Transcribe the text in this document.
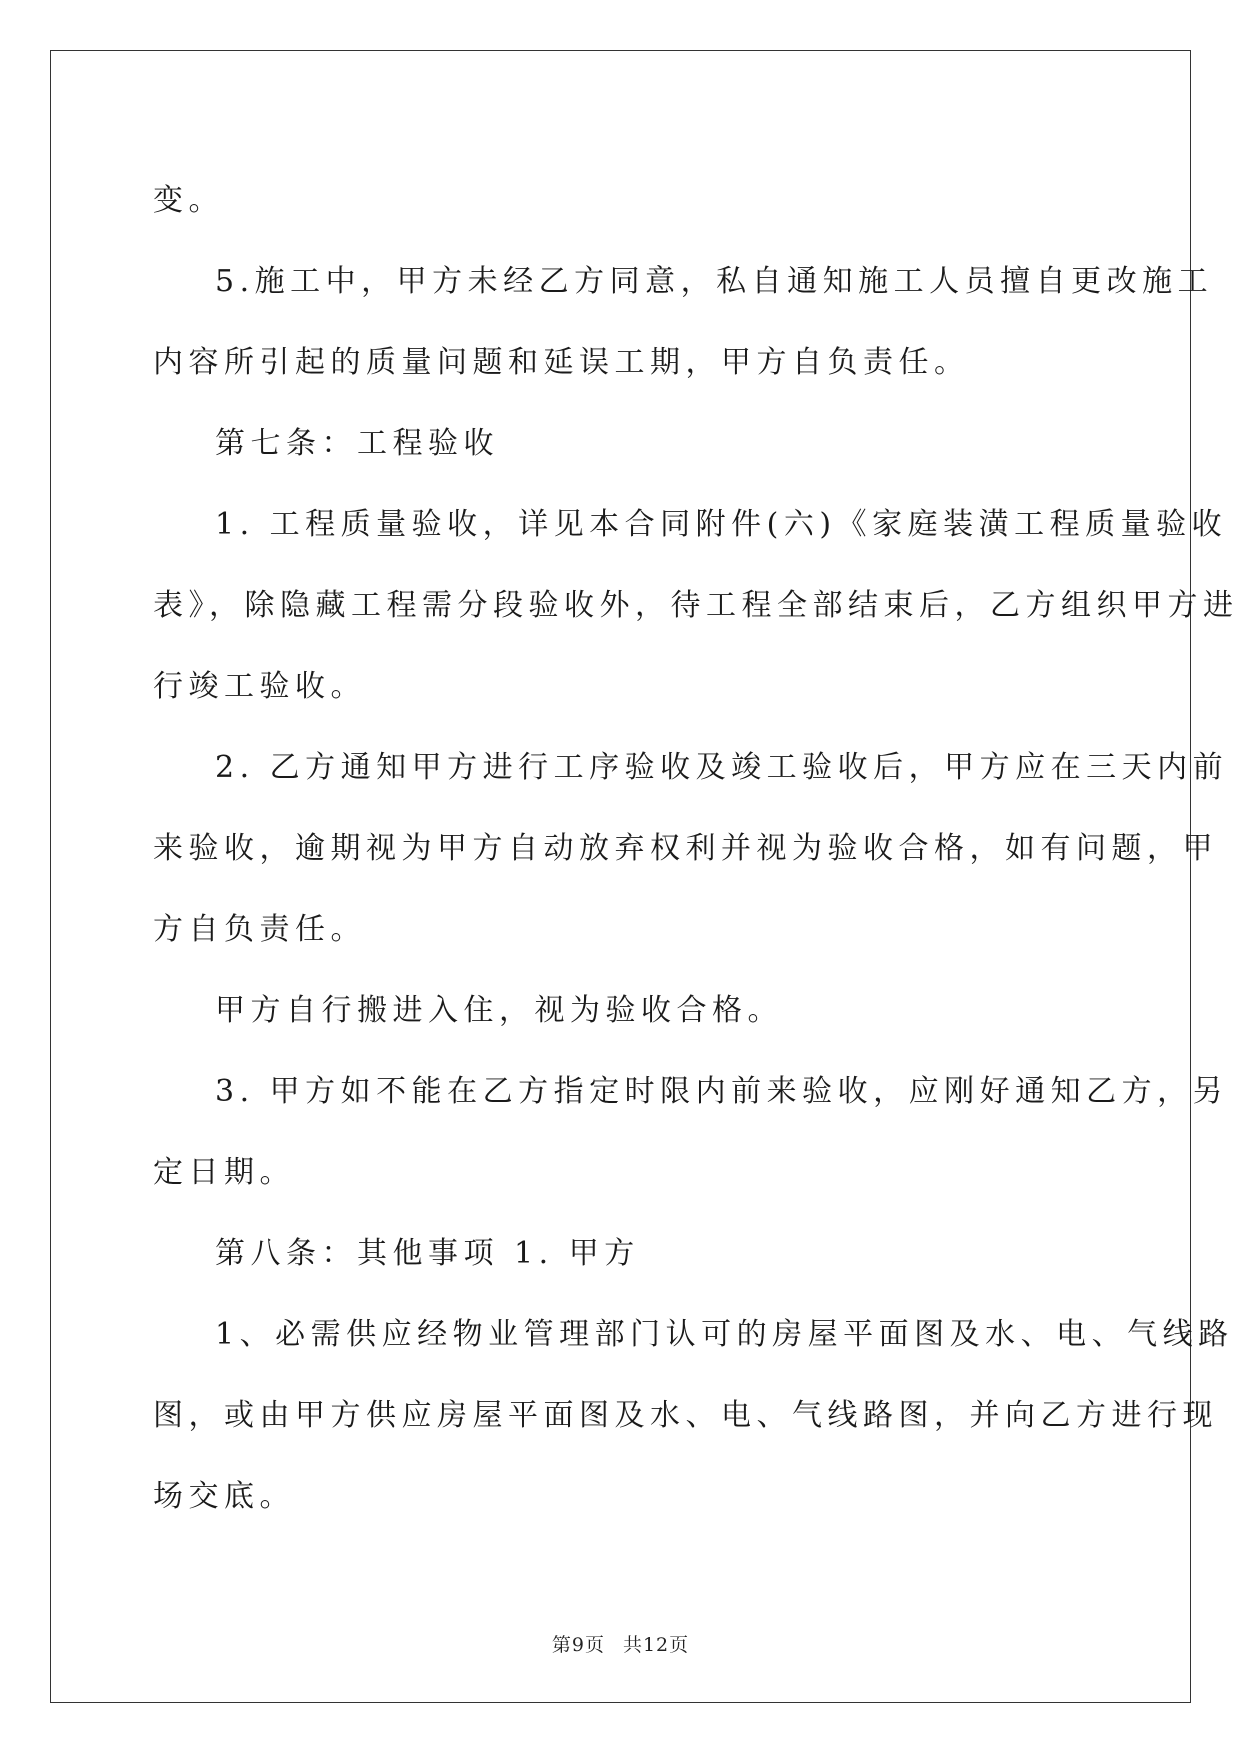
变。

5.施工中，甲方未经乙方同意，私自通知施工人员擅自更改施工
内容所引起的质量问题和延误工期，甲方自负责任。

第七条：工程验收

1. 工程质量验收，详见本合同附件(六)《家庭装潢工程质量验收
表》，除隐藏工程需分段验收外，待工程全部结束后，乙方组织甲方进
行竣工验收。

2. 乙方通知甲方进行工序验收及竣工验收后，甲方应在三天内前
来验收，逾期视为甲方自动放弃权利并视为验收合格，如有问题，甲
方自负责任。

甲方自行搬进入住，视为验收合格。

3. 甲方如不能在乙方指定时限内前来验收，应刚好通知乙方，另
定日期。

第八条：其他事项 1. 甲方

1、必需供应经物业管理部门认可的房屋平面图及水、电、气线路
图，或由甲方供应房屋平面图及水、电、气线路图，并向乙方进行现
场交底。

第9页 共12页
